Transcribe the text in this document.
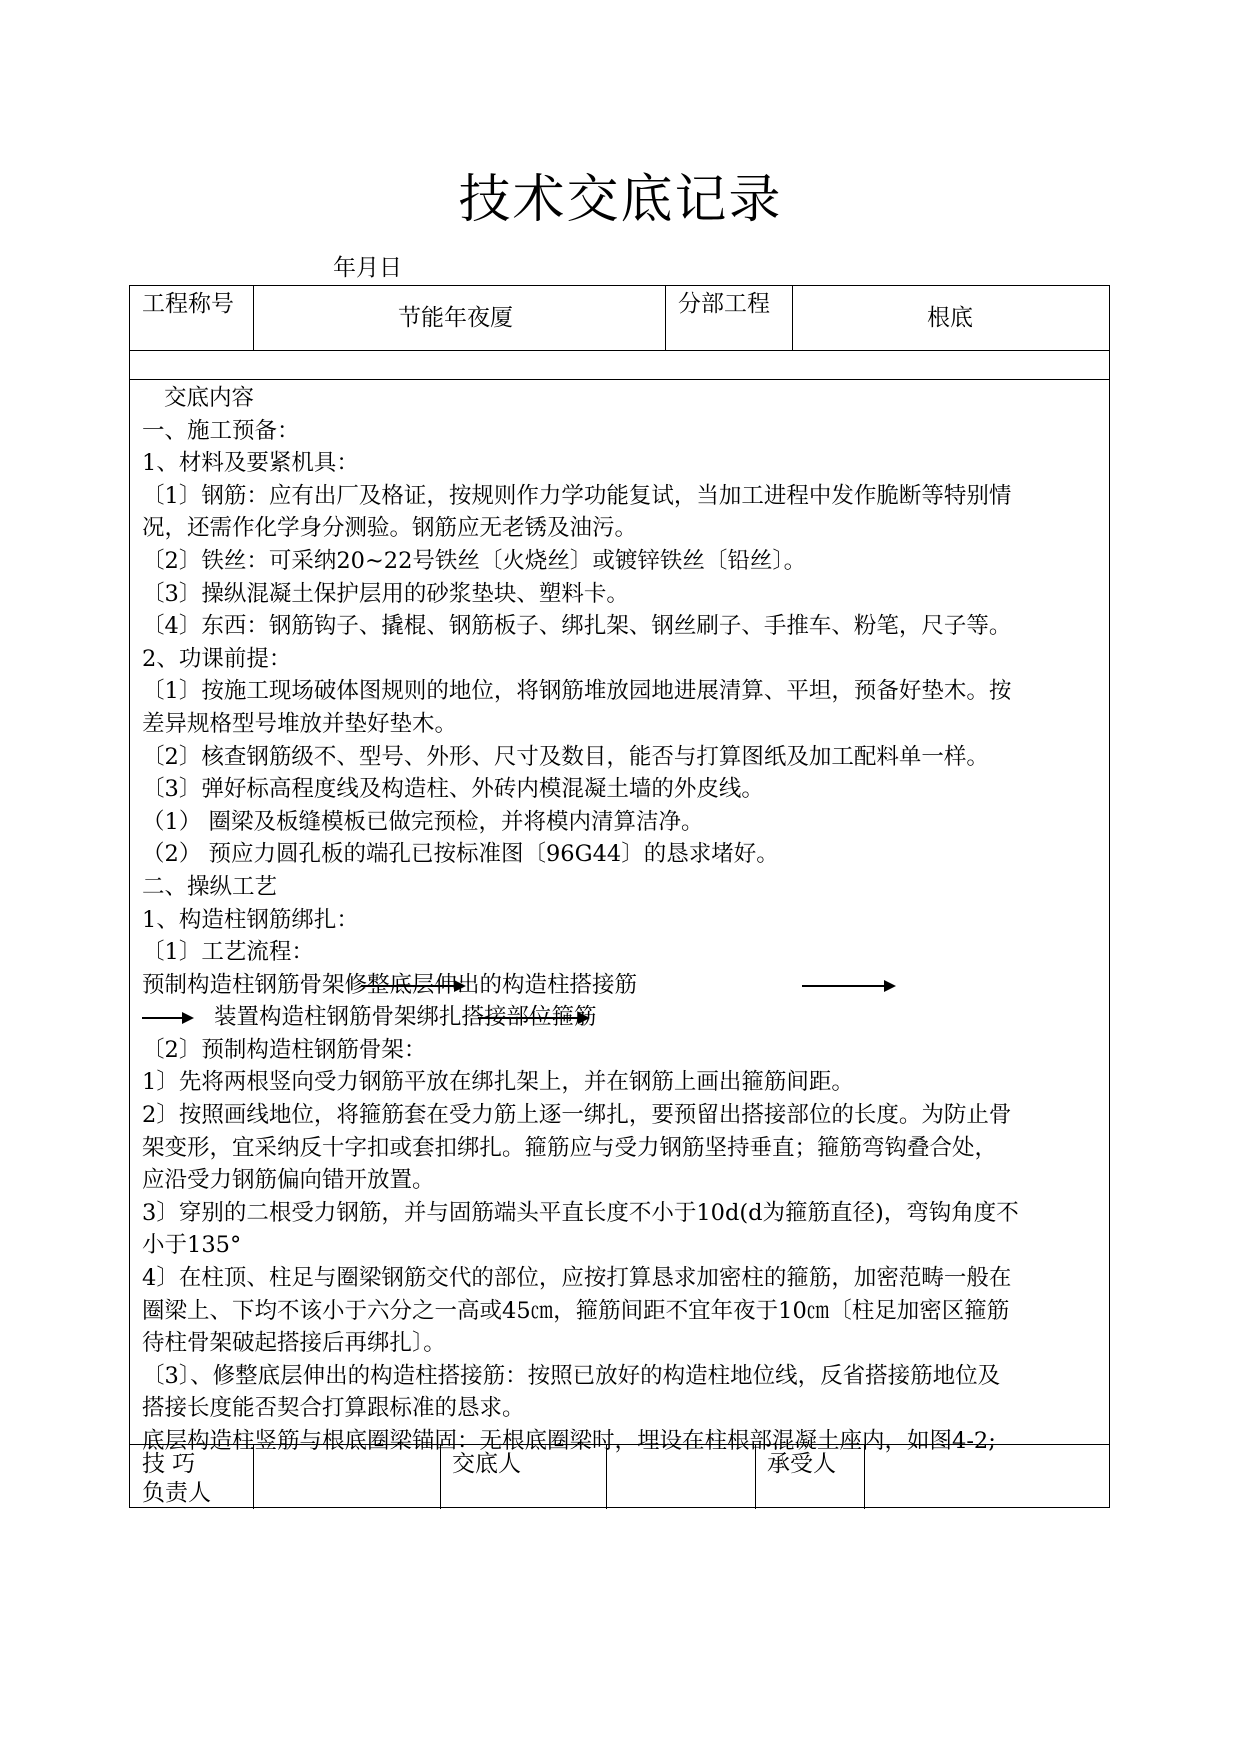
技术交底记录
年月日
工程称号
节能年夜厦
分部工程
根底
交底内容
一、施工预备：
1、材料及要紧机具：
〔1〕钢筋：应有出厂及格证，按规则作力学功能复试，当加工进程中发作脆断等特别情
况，还需作化学身分测验。钢筋应无老锈及油污。
〔2〕铁丝：可采纳20~22号铁丝〔火烧丝〕或镀锌铁丝〔铅丝〕。
〔3〕操纵混凝土保护层用的砂浆垫块、塑料卡。
〔4〕东西：钢筋钩子、撬棍、钢筋板子、绑扎架、钢丝刷子、手推车、粉笔，尺子等。
2、功课前提：
〔1〕按施工现场破体图规则的地位，将钢筋堆放园地进展清算、平坦，预备好垫木。按
差异规格型号堆放并垫好垫木。
〔2〕核查钢筋级不、型号、外形、尺寸及数目，能否与打算图纸及加工配料单一样。
〔3〕弹好标高程度线及构造柱、外砖内模混凝土墙的外皮线。
（1） 圈梁及板缝模板已做完预检，并将模内清算洁净。
（2） 预应力圆孔板的端孔已按标准图〔96G44〕的恳求堵好。
二、操纵工艺
1、构造柱钢筋绑扎：
〔1〕工艺流程：
预制构造柱钢筋骨架修整底层伸出的构造柱搭接筋
装置构造柱钢筋骨架绑扎搭接部位箍筋
〔2〕预制构造柱钢筋骨架：
1〕先将两根竖向受力钢筋平放在绑扎架上，并在钢筋上画出箍筋间距。
2〕按照画线地位，将箍筋套在受力筋上逐一绑扎，要预留出搭接部位的长度。为防止骨
架变形，宜采纳反十字扣或套扣绑扎。箍筋应与受力钢筋坚持垂直；箍筋弯钩叠合处，
应沿受力钢筋偏向错开放置。
3〕穿别的二根受力钢筋，并与固筋端头平直长度不小于10d(d为箍筋直径)，弯钩角度不
小于135°
4〕在柱顶、柱足与圈梁钢筋交代的部位，应按打算恳求加密柱的箍筋，加密范畴一般在
圈梁上、下均不该小于六分之一高或45㎝，箍筋间距不宜年夜于10㎝〔柱足加密区箍筋
待柱骨架破起搭接后再绑扎〕。
〔3〕、修整底层伸出的构造柱搭接筋：按照已放好的构造柱地位线，反省搭接筋地位及
搭接长度能否契合打算跟标准的恳求。
底层构造柱竖筋与根底圈梁锚固：无根底圈梁时，埋设在柱根部混凝土座内，如图4-2;
技 巧
负责人
交底人	承受人
